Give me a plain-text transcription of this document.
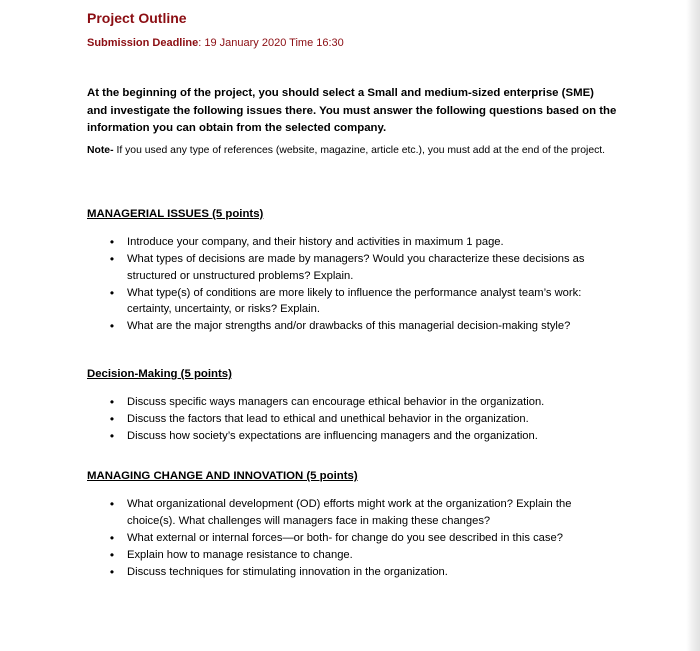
Project Outline
Submission Deadline: 19 January 2020 Time 16:30
At the beginning of the project, you should select a Small and medium-sized enterprise (SME) and investigate the following issues there. You must answer the following questions based on the information you can obtain from the selected company.
Note- If you used any type of references (website, magazine, article etc.), you must add at the end of the project.
MANAGERIAL ISSUES (5 points)
• Introduce your company, and their history and activities in maximum 1 page.
• What types of decisions are made by managers? Would you characterize these decisions as structured or unstructured problems? Explain.
• What type(s) of conditions are more likely to influence the performance analyst team’s work: certainty, uncertainty, or risks? Explain.
• What are the major strengths and/or drawbacks of this managerial decision-making style?
Decision-Making (5 points)
• Discuss specific ways managers can encourage ethical behavior in the organization.
• Discuss the factors that lead to ethical and unethical behavior in the organization.
• Discuss how society’s expectations are influencing managers and the organization.
MANAGING CHANGE AND INNOVATION (5 points)
• What organizational development (OD) efforts might work at the organization? Explain the choice(s). What challenges will managers face in making these changes?
• What external or internal forces—or both- for change do you see described in this case?
• Explain how to manage resistance to change.
• Discuss techniques for stimulating innovation in the organization.
